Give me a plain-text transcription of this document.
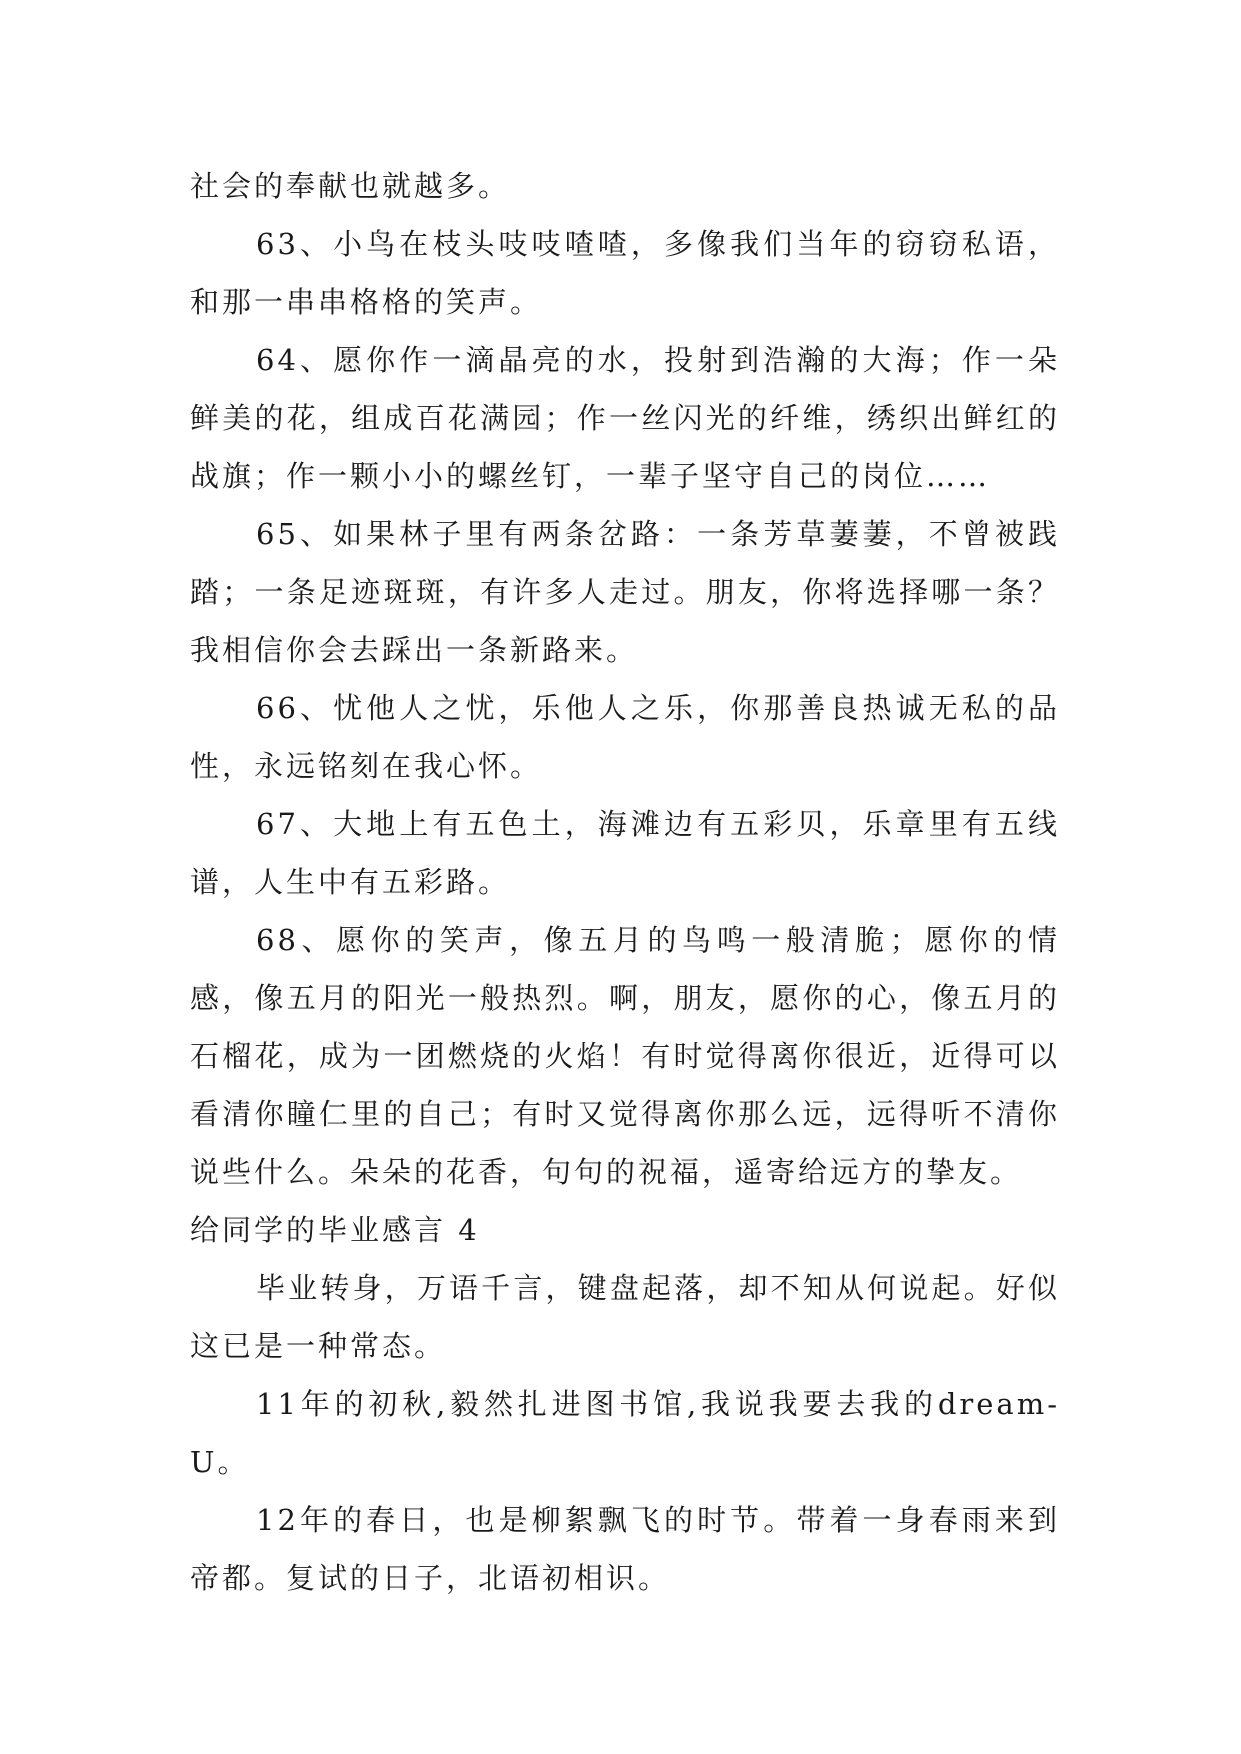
社会的奉献也就越多。

63、小鸟在枝头吱吱喳喳，多像我们当年的窃窃私语，和那一串串格格的笑声。

64、愿你作一滴晶亮的水，投射到浩瀚的大海；作一朵鲜美的花，组成百花满园；作一丝闪光的纤维，绣织出鲜红的战旗；作一颗小小的螺丝钉，一辈子坚守自己的岗位……

65、如果林子里有两条岔路：一条芳草萋萋，不曾被践踏；一条足迹斑斑，有许多人走过。朋友，你将选择哪一条？我相信你会去踩出一条新路来。

66、忧他人之忧，乐他人之乐，你那善良热诚无私的品性，永远铭刻在我心怀。

67、大地上有五色土，海滩边有五彩贝，乐章里有五线谱，人生中有五彩路。

68、愿你的笑声，像五月的鸟鸣一般清脆；愿你的情感，像五月的阳光一般热烈。啊，朋友，愿你的心，像五月的石榴花，成为一团燃烧的火焰！有时觉得离你很近，近得可以看清你瞳仁里的自己；有时又觉得离你那么远，远得听不清你说些什么。朵朵的花香，句句的祝福，遥寄给远方的挚友。

给同学的毕业感言 4

毕业转身，万语千言，键盘起落，却不知从何说起。好似这已是一种常态。

11年的初秋,毅然扎进图书馆,我说我要去我的dream-U。

12年的春日，也是柳絮飘飞的时节。带着一身春雨来到帝都。复试的日子，北语初相识。
